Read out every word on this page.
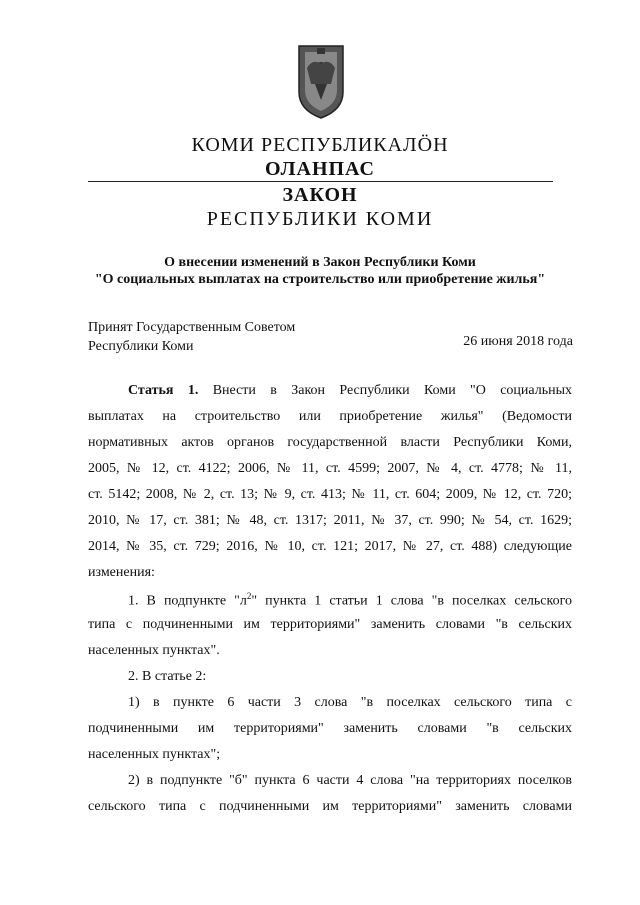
КОМИ РЕСПУБЛИКАЛӦН
ОЛАНПАС
ЗАКОН
РЕСПУБЛИКИ КОМИ
О внесении изменений в Закон Республики Коми
"О социальных выплатах на строительство или приобретение жилья"
Принят Государственным Советом
Республики Коми	26 июня 2018 года
Статья 1. Внести в Закон Республики Коми "О социальных
выплатах на строительство или приобретение жилья" (Ведомости
нормативных актов органов государственной власти Республики Коми,
2005, № 12, ст. 4122; 2006, № 11, ст. 4599; 2007, № 4, ст. 4778; № 11,
ст. 5142; 2008, № 2, ст. 13; № 9, ст. 413; № 11, ст. 604; 2009, № 12, ст. 720;
2010, № 17, ст. 381; № 48, ст. 1317; 2011, № 37, ст. 990; № 54, ст. 1629;
2014, № 35, ст. 729; 2016, № 10, ст. 121; 2017, № 27, ст. 488) следующие
изменения:
1. В подпункте "$л^2$" пункта 1 статьи 1 слова "в поселках сельского
типа с подчиненными им территориями" заменить словами "в сельских
населенных пунктах".
2. В статье 2:
1) в пункте 6 части 3 слова "в поселках сельского типа с
подчиненными им территориями" заменить словами "в сельских
населенных пунктах";
2) в подпункте "б" пункта 6 части 4 слова "на территориях поселков
сельского типа с подчиненными им территориями" заменить словами
